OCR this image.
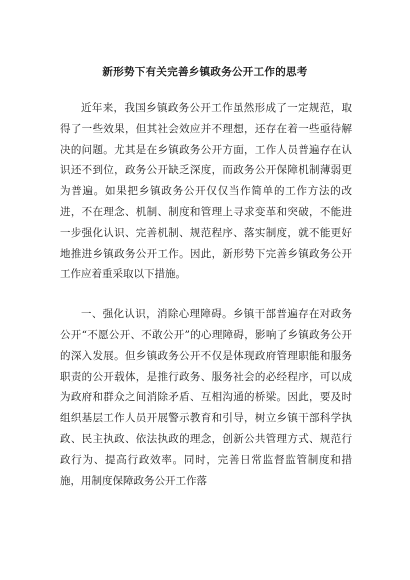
新形势下有关完善乡镇政务公开工作的思考

近年来，我国乡镇政务公开工作虽然形成了一定规范，取得了一些效果，但其社会效应并不理想，还存在着一些亟待解决的问题。尤其是在乡镇政务公开方面，工作人员普遍存在认识还不到位，政务公开缺乏深度，而政务公开保障机制薄弱更为普遍。如果把乡镇政务公开仅仅当作简单的工作方法的改进，不在理念、机制、制度和管理上寻求变革和突破，不能进一步强化认识、完善机制、规范程序、落实制度，就不能更好地推进乡镇政务公开工作。因此，新形势下完善乡镇政务公开工作应着重采取以下措施。

一、强化认识，消除心理障碍。乡镇干部普遍存在对政务公开“不愿公开、不敢公开”的心理障碍，影响了乡镇政务公开的深入发展。但乡镇政务公开不仅是体现政府管理职能和服务职责的公开载体，是推行政务、服务社会的必经程序，可以成为政府和群众之间消除矛盾、互相沟通的桥梁。因此，要及时组织基层工作人员开展警示教育和引导，树立乡镇干部科学执政、民主执政、依法执政的理念，创新公共管理方式、规范行政行为、提高行政效率。同时，完善日常监督监管制度和措施，用制度保障政务公开工作落
